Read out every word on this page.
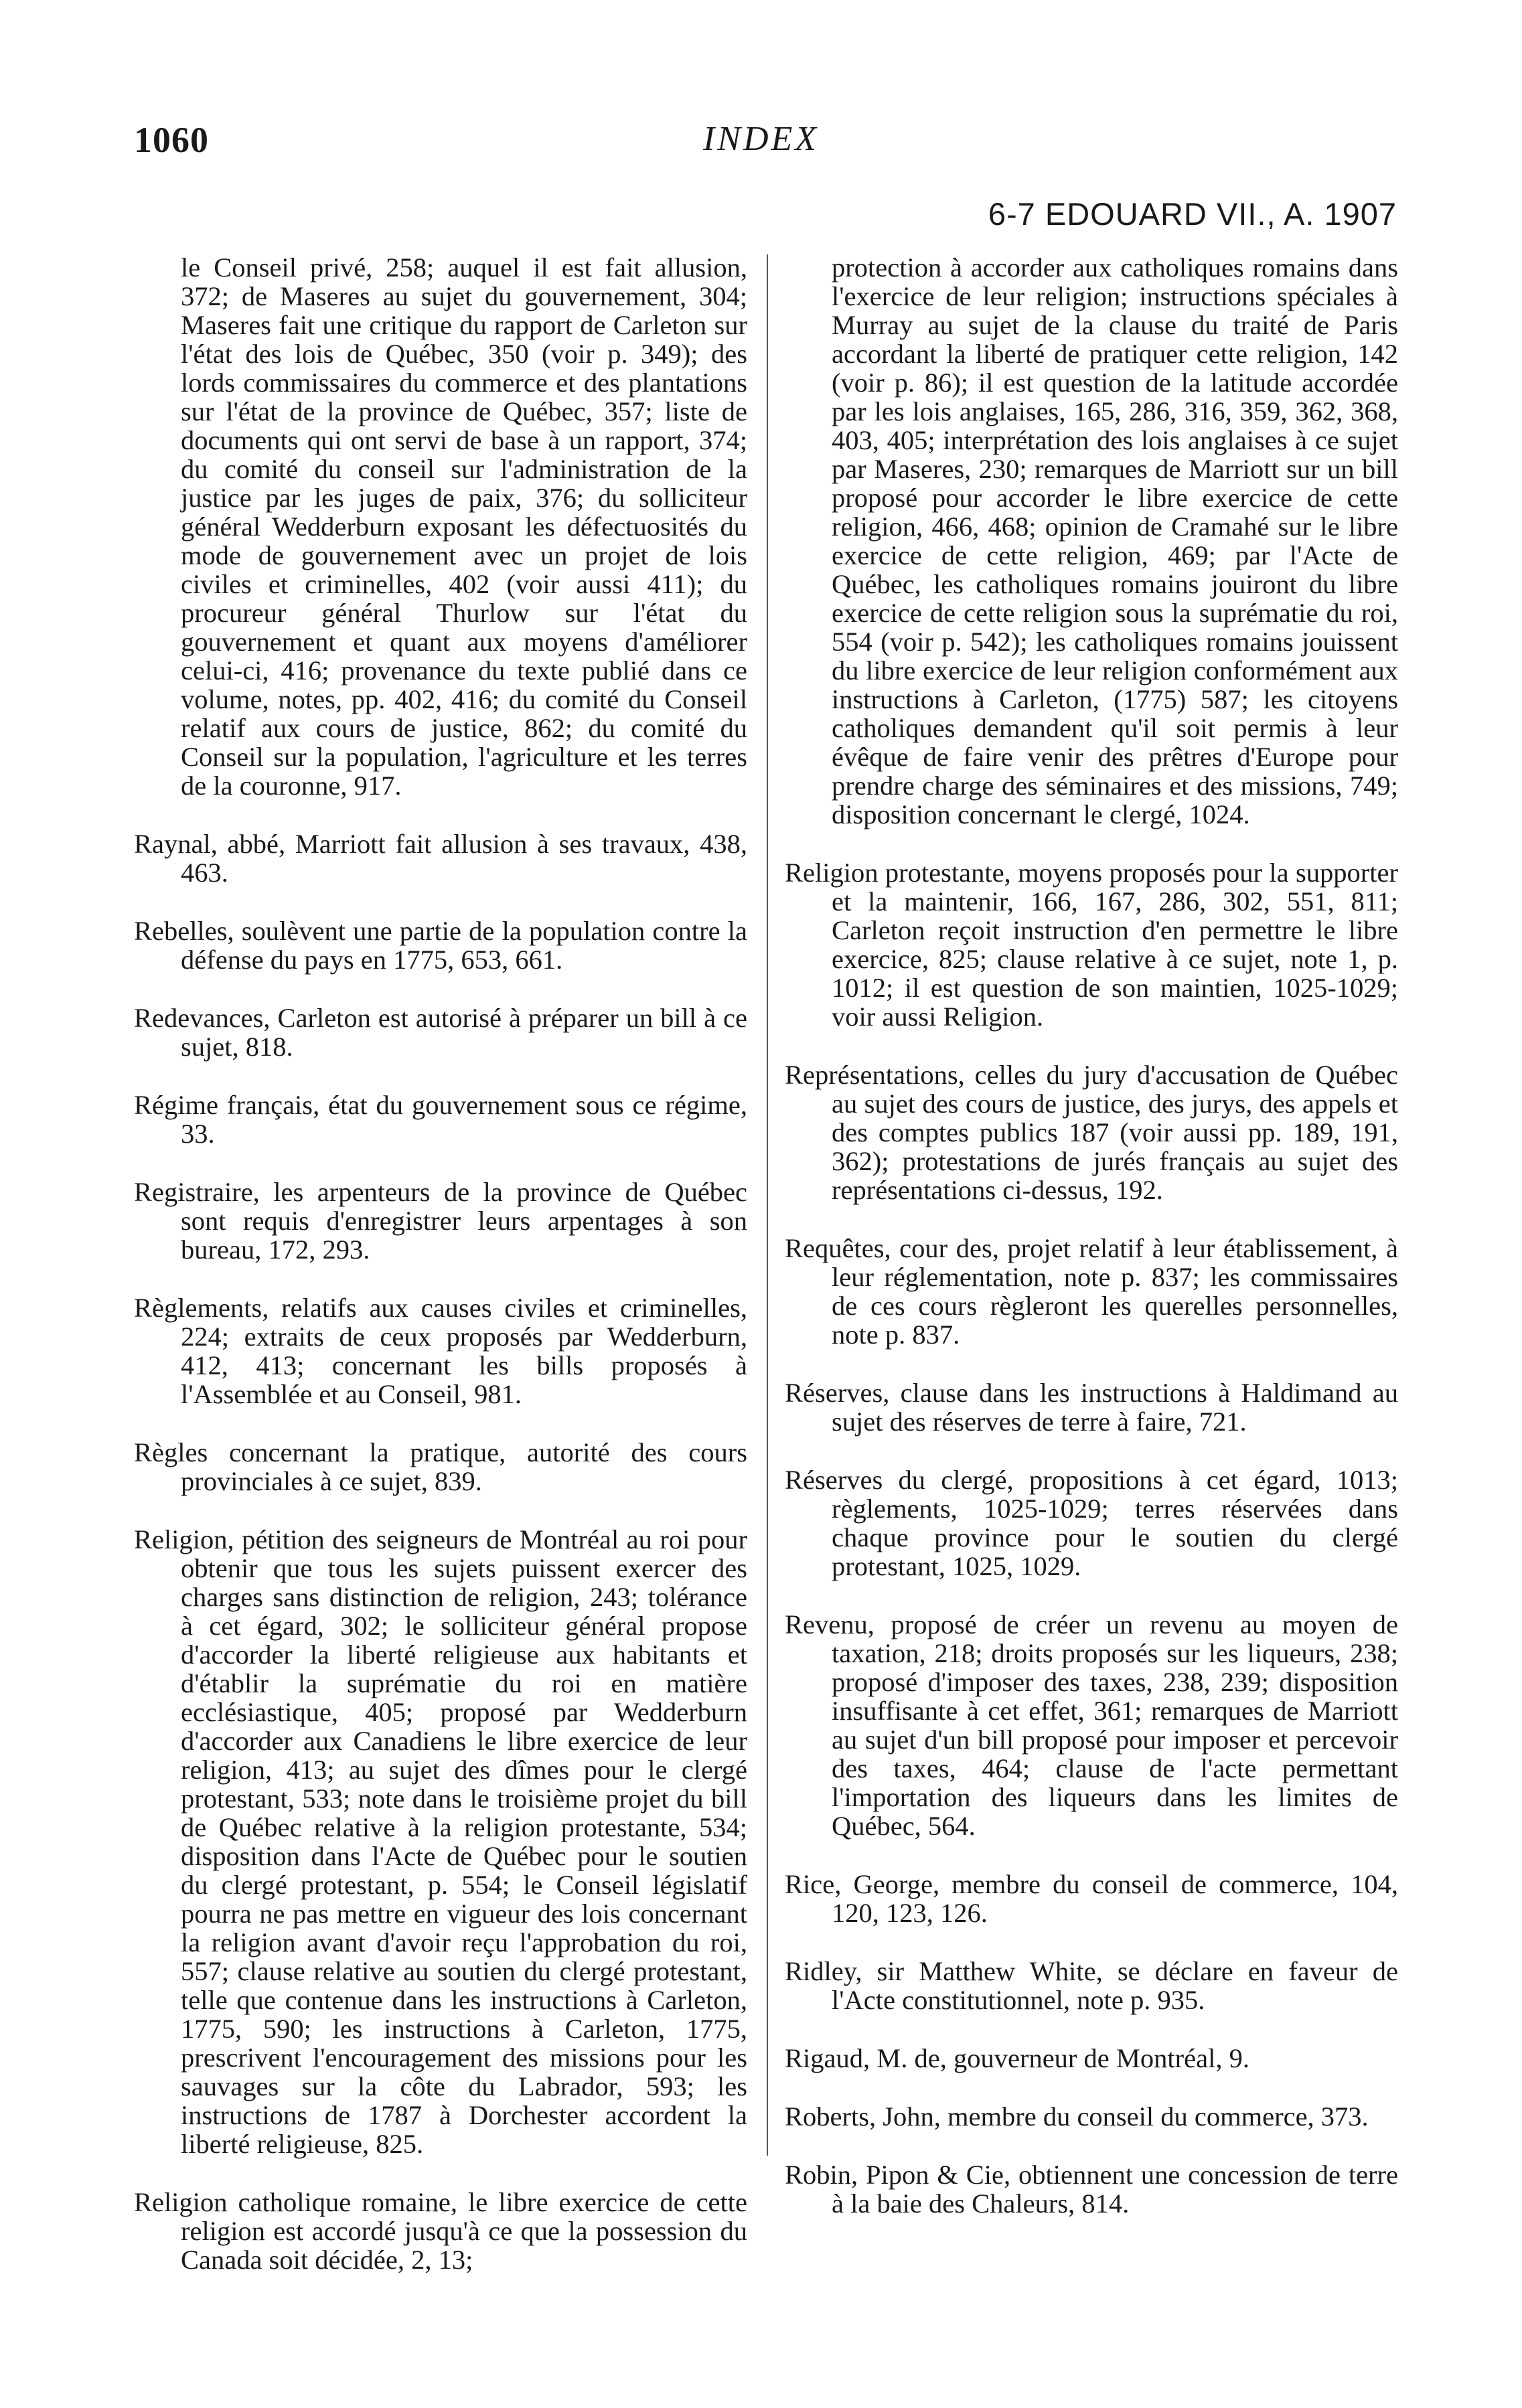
1060	INDEX
6-7 EDOUARD VII., A. 1907

le Conseil privé, 258; auquel il est fait allusion, 372; de Maseres au sujet du gouvernement, 304; Maseres fait une critique du rapport de Carleton sur l'état des lois de Québec, 350 (voir p. 349); des lords commissaires du commerce et des plantations sur l'état de la province de Québec, 357; liste de documents qui ont servi de base à un rapport, 374; du comité du conseil sur l'administration de la justice par les juges de paix, 376; du solliciteur général Wedderburn exposant les défectuosités du mode de gouvernement avec un projet de lois civiles et criminelles, 402 (voir aussi 411); du procureur général Thurlow sur l'état du gouvernement et quant aux moyens d'améliorer celui-ci, 416; provenance du texte publié dans ce volume, notes, pp. 402, 416; du comité du Conseil relatif aux cours de justice, 862; du comité du Conseil sur la population, l'agriculture et les terres de la couronne, 917.

Raynal, abbé, Marriott fait allusion à ses travaux, 438, 463.

Rebelles, soulèvent une partie de la population contre la défense du pays en 1775, 653, 661.

Redevances, Carleton est autorisé à préparer un bill à ce sujet, 818.

Régime français, état du gouvernement sous ce régime, 33.

Registraire, les arpenteurs de la province de Québec sont requis d'enregistrer leurs arpentages à son bureau, 172, 293.

Règlements, relatifs aux causes civiles et criminelles, 224; extraits de ceux proposés par Wedderburn, 412, 413; concernant les bills proposés à l'Assemblée et au Conseil, 981.

Règles concernant la pratique, autorité des cours provinciales à ce sujet, 839.

Religion, pétition des seigneurs de Montréal au roi pour obtenir que tous les sujets puissent exercer des charges sans distinction de religion, 243; tolérance à cet égard, 302; le solliciteur général propose d'accorder la liberté religieuse aux habitants et d'établir la suprématie du roi en matière ecclésiastique, 405; proposé par Wedderburn d'accorder aux Canadiens le libre exercice de leur religion, 413; au sujet des dîmes pour le clergé protestant, 533; note dans le troisième projet du bill de Québec relative à la religion protestante, 534; disposition dans l'Acte de Québec pour le soutien du clergé protestant, p. 554; le Conseil législatif pourra ne pas mettre en vigueur des lois concernant la religion avant d'avoir reçu l'approbation du roi, 557; clause relative au soutien du clergé protestant, telle que contenue dans les instructions à Carleton, 1775, 590; les instructions à Carleton, 1775, prescrivent l'encouragement des missions pour les sauvages sur la côte du Labrador, 593; les instructions de 1787 à Dorchester accordent la liberté religieuse, 825.

Religion catholique romaine, le libre exercice de cette religion est accordé jusqu'à ce que la possession du Canada soit décidée, 2, 13;

protection à accorder aux catholiques romains dans l'exercice de leur religion; instructions spéciales à Murray au sujet de la clause du traité de Paris accordant la liberté de pratiquer cette religion, 142 (voir p. 86); il est question de la latitude accordée par les lois anglaises, 165, 286, 316, 359, 362, 368, 403, 405; interprétation des lois anglaises à ce sujet par Maseres, 230; remarques de Marriott sur un bill proposé pour accorder le libre exercice de cette religion, 466, 468; opinion de Cramahé sur le libre exercice de cette religion, 469; par l'Acte de Québec, les catholiques romains jouiront du libre exercice de cette religion sous la suprématie du roi, 554 (voir p. 542); les catholiques romains jouissent du libre exercice de leur religion conformément aux instructions à Carleton, (1775) 587; les citoyens catholiques demandent qu'il soit permis à leur évêque de faire venir des prêtres d'Europe pour prendre charge des séminaires et des missions, 749; disposition concernant le clergé, 1024.

Religion protestante, moyens proposés pour la supporter et la maintenir, 166, 167, 286, 302, 551, 811; Carleton reçoit instruction d'en permettre le libre exercice, 825; clause relative à ce sujet, note 1, p. 1012; il est question de son maintien, 1025-1029; voir aussi Religion.

Représentations, celles du jury d'accusation de Québec au sujet des cours de justice, des jurys, des appels et des comptes publics 187 (voir aussi pp. 189, 191, 362); protestations de jurés français au sujet des représentations ci-dessus, 192.

Requêtes, cour des, projet relatif à leur établissement, à leur réglementation, note p. 837; les commissaires de ces cours règleront les querelles personnelles, note p. 837.

Réserves, clause dans les instructions à Haldimand au sujet des réserves de terre à faire, 721.

Réserves du clergé, propositions à cet égard, 1013; règlements, 1025-1029; terres réservées dans chaque province pour le soutien du clergé protestant, 1025, 1029.

Revenu, proposé de créer un revenu au moyen de taxation, 218; droits proposés sur les liqueurs, 238; proposé d'imposer des taxes, 238, 239; disposition insuffisante à cet effet, 361; remarques de Marriott au sujet d'un bill proposé pour imposer et percevoir des taxes, 464; clause de l'acte permettant l'importation des liqueurs dans les limites de Québec, 564.

Rice, George, membre du conseil de commerce, 104, 120, 123, 126.

Ridley, sir Matthew White, se déclare en faveur de l'Acte constitutionnel, note p. 935.

Rigaud, M. de, gouverneur de Montréal, 9.

Roberts, John, membre du conseil du commerce, 373.

Robin, Pipon & Cie, obtiennent une concession de terre à la baie des Chaleurs, 814.
